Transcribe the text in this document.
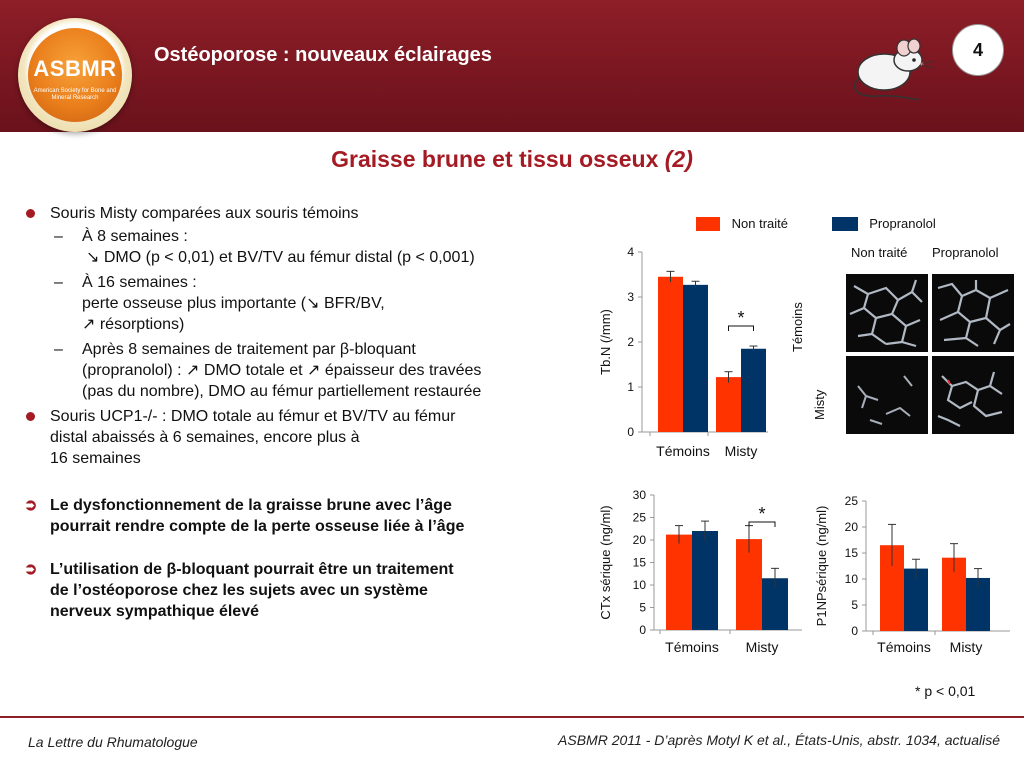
ASBMR
American Society for Bone and Mineral Research
Ostéoporose : nouveaux éclairages	4
Graisse brune et tissu osseux (2)
Souris Misty comparées aux souris témoins
– À 8 semaines :
↘ DMO (p < 0,01) et BV/TV au fémur distal (p < 0,001)
– À 16 semaines :
perte osseuse plus importante (↘ BFR/BV,
↗ résorptions)
– Après 8 semaines de traitement par β-bloquant
(propranolol) : ↗ DMO totale et ↗ épaisseur des travées
(pas du nombre), DMO au fémur partiellement restaurée
Souris UCP1-/- : DMO totale au fémur et BV/TV au fémur
distal abaissés à 6 semaines, encore plus à
16 semaines
➲ Le dysfonctionnement de la graisse brune avec l’âge
pourrait rendre compte de la perte osseuse liée à l’âge
➲ L’utilisation de β-bloquant pourrait être un traitement
de l’ostéoporose chez les sujets avec un système
nerveux sympathique élevé
Non traité	Propranolol
0
1
2
3
4
Tb.N (/mm)
Témoins Misty
*
Non traité Propranolol
Témoins
Misty
0
5
10
15
20
25
30
CTx sérique (ng/ml)
Témoins Misty
*
0
5
10
15
20
25
P1NPsérique (ng/ml)
Témoins Misty
* p < 0,01
La Lettre du Rhumatologue	ASBMR 2011 - D’après Motyl K et al., États-Unis, abstr. 1034, actualisé
